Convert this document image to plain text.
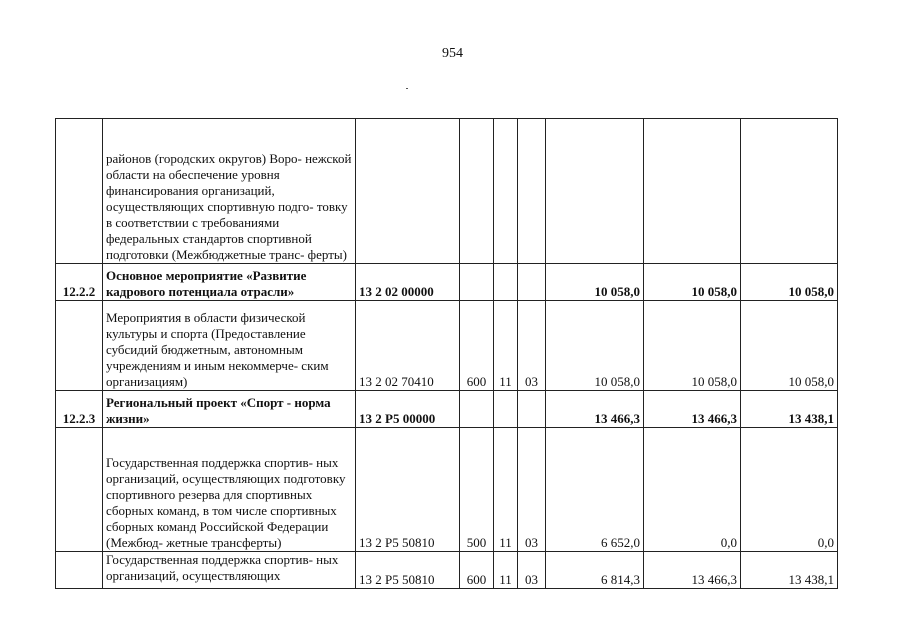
954
	районов (городских округов) Воро- нежской области на обеспечение уровня финансирования организаций, осуществляющих спортивную подго- товку в соответствии с требованиями федеральных стандартов спортивной подготовки (Межбюджетные транс- ферты)							
12.2.2	Основное мероприятие «Развитие кадрового потенциала отрасли»	13 2 02 00000				10 058,0	10 058,0	10 058,0
	Мероприятия в области физической культуры и спорта (Предоставление субсидий бюджетным, автономным учреждениям и иным некоммерче- ским организациям)	13 2 02 70410	600	11	03	10 058,0	10 058,0	10 058,0
12.2.3	Региональный проект «Спорт - норма жизни»	13 2 P5 00000				13 466,3	13 466,3	13 438,1
	Государственная поддержка спортив- ных организаций, осуществляющих подготовку спортивного резерва для спортивных сборных команд, в том числе спортивных сборных команд Российской Федерации (Межбюд- жетные трансферты)	13 2 P5 50810	500	11	03	6 652,0	0,0	0,0
	Государственная поддержка спортив- ных организаций, осуществляющих	13 2 P5 50810	600	11	03	6 814,3	13 466,3	13 438,1
